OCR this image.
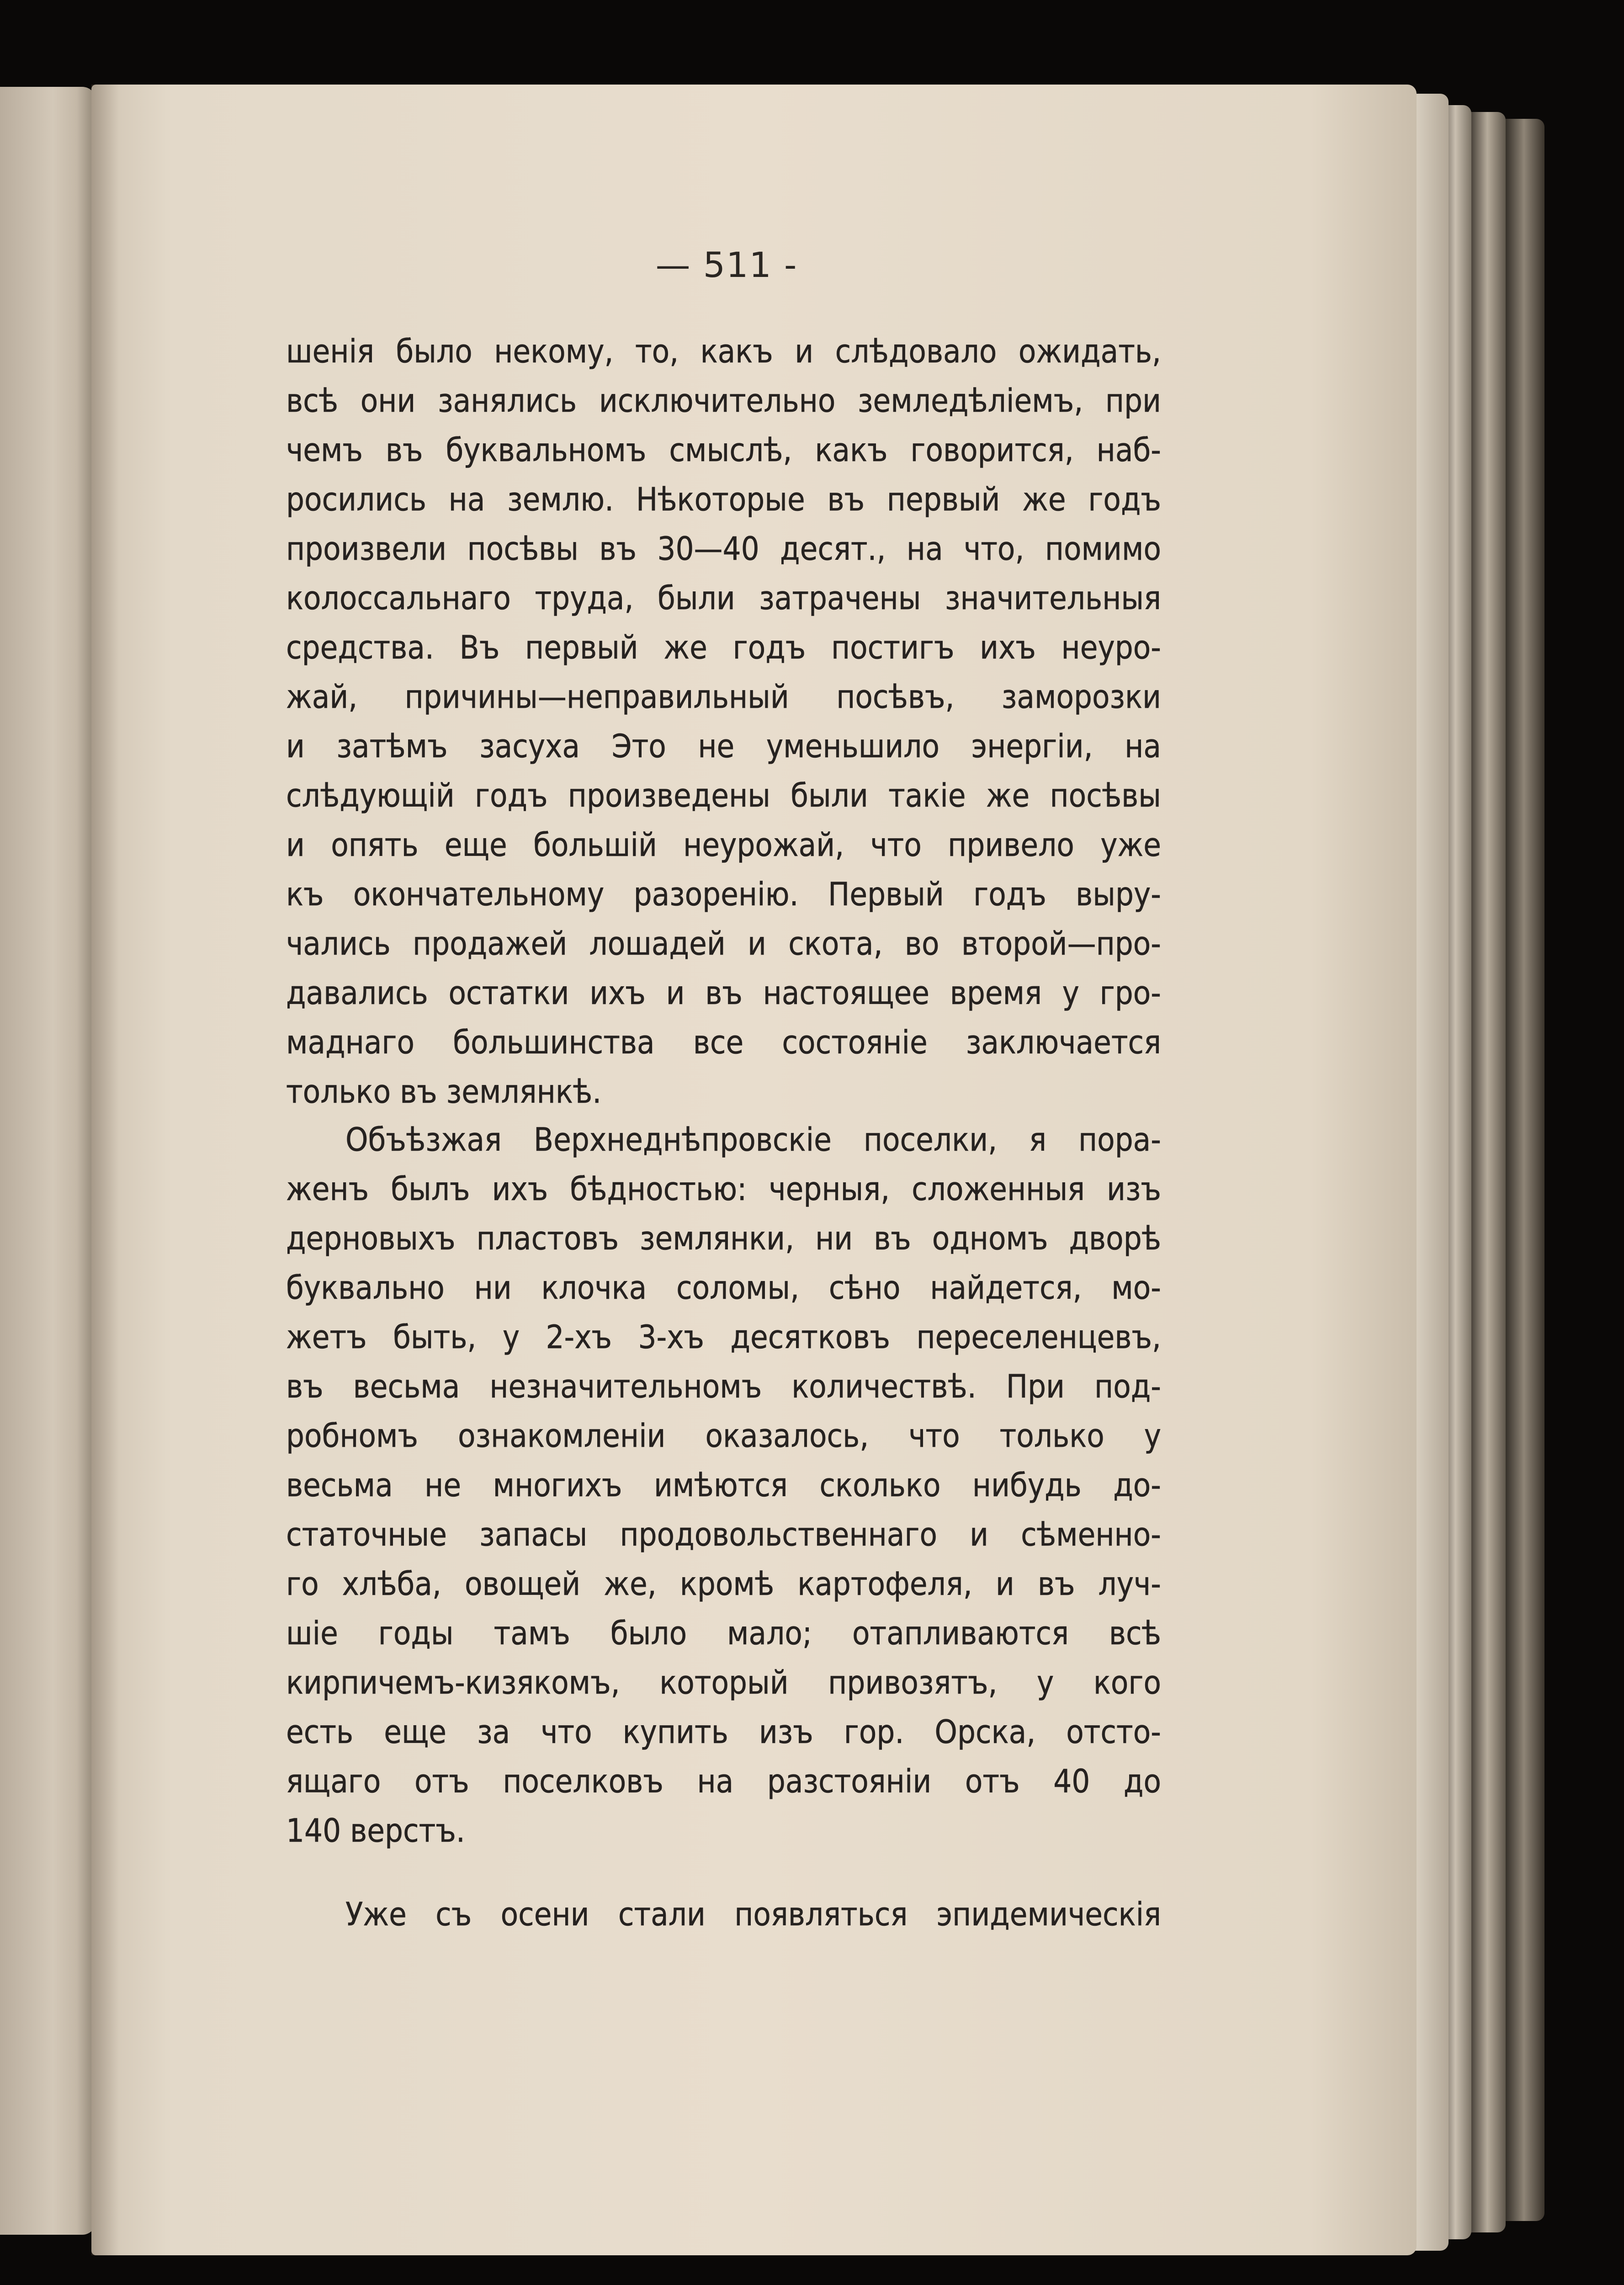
— 511 -
шенія было некому, то, какъ и слѣдовало ожидать,
всѣ они занялись исключительно земледѣліемъ, при
чемъ въ буквальномъ смыслѣ, какъ говорится, наб-
росились на землю. Нѣкоторые въ первый же годъ
произвели посѣвы въ 30—40 десят., на что, помимо
колоссальнаго труда, были затрачены значительныя
средства. Въ первый же годъ постигъ ихъ неуро-
жай, причины—неправильный посѣвъ, заморозки
и затѣмъ засуха Это не уменьшило энергіи, на
слѣдующій годъ произведены были такіе же посѣвы
и опять еще большій неурожай, что привело уже
къ окончательному разоренію. Первый годъ выру-
чались продажей лошадей и скота, во второй—про-
давались остатки ихъ и въ настоящее время у гро-
маднаго большинства все состояніе заключается
только въ землянкѣ.
Объѣзжая Верхнеднѣпровскіе поселки, я пора-
женъ былъ ихъ бѣдностью: черныя, сложенныя изъ
дерновыхъ пластовъ землянки, ни въ одномъ дворѣ
буквально ни клочка соломы, сѣно найдется, мо-
жетъ быть, у 2-хъ 3-хъ десятковъ переселенцевъ,
въ весьма незначительномъ количествѣ. При под-
робномъ ознакомленіи оказалось, что только у
весьма не многихъ имѣются сколько нибудь до-
статочные запасы продовольственнаго и сѣменно-
го хлѣба, овощей же, кромѣ картофеля, и въ луч-
шіе годы тамъ было мало; отапливаются всѣ
кирпичемъ-кизякомъ, который привозятъ, у кого
есть еще за что купить изъ гор. Орска, отсто-
ящаго отъ поселковъ на разстояніи отъ 40 до
140 верстъ.
Уже съ осени стали появляться эпидемическія
